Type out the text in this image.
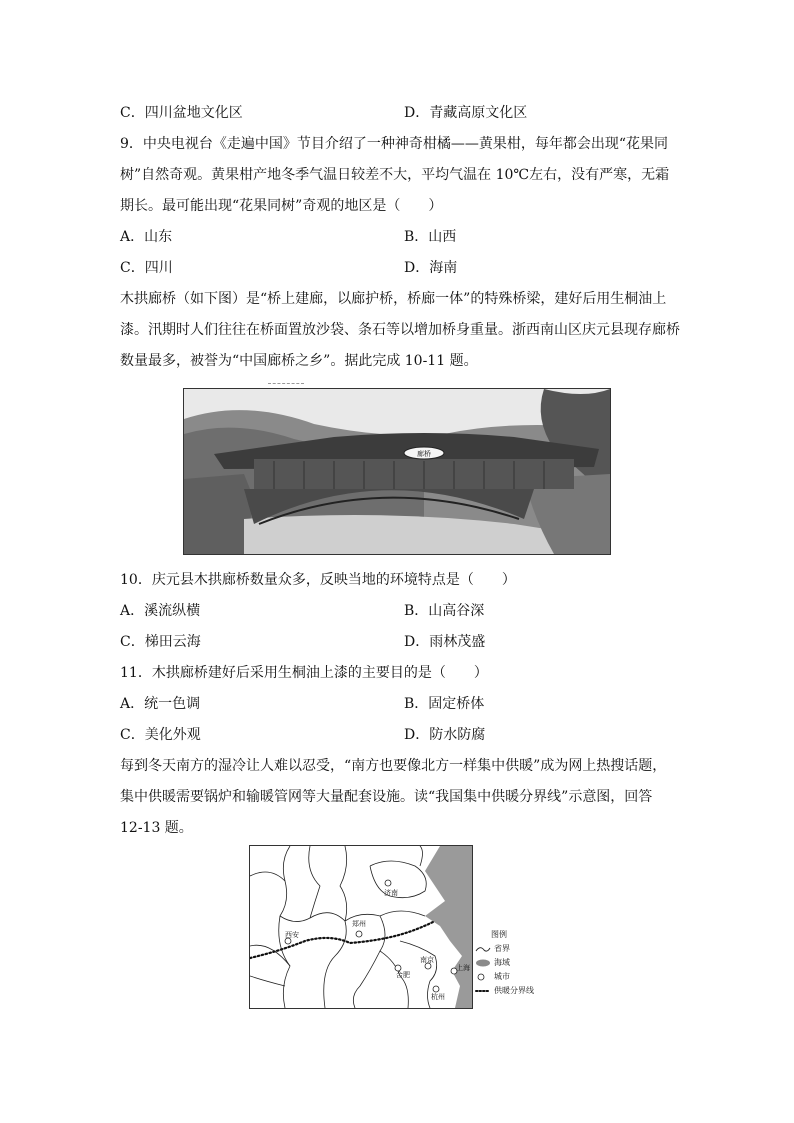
C．四川盆地文化区	D．青藏高原文化区
9．中央电视台《走遍中国》节目介绍了一种神奇柑橘——黄果柑，每年都会出现“花果同
树”自然奇观。黄果柑产地冬季气温日较差不大，平均气温在 10℃左右，没有严寒，无霜
期长。最可能出现“花果同树”奇观的地区是（　　）
A．山东	B．山西
C．四川	D．海南
木拱廊桥（如下图）是“桥上建廊，以廊护桥，桥廊一体”的特殊桥梁，建好后用生桐油上
漆。汛期时人们往往在桥面置放沙袋、条石等以增加桥身重量。浙西南山区庆元县现存廊桥
数量最多，被誉为“中国廊桥之乡”。据此完成 10-11 题。
廊桥
10．庆元县木拱廊桥数量众多，反映当地的环境特点是（　　）
A．溪流纵横	B．山高谷深
C．梯田云海	D．雨林茂盛
11．木拱廊桥建好后采用生桐油上漆的主要目的是（　　）
A．统一色调	B．固定桥体
C．美化外观	D．防水防腐
每到冬天南方的湿冷让人难以忍受，“南方也要像北方一样集中供暖”成为网上热搜话题，
集中供暖需要锅炉和输暖管网等大量配套设施。读“我国集中供暖分界线”示意图，回答
12-13 题。
济南
郑州
西安
南京
合肥
上海
杭州
图例
省界
海域
城市
供暖分界线
